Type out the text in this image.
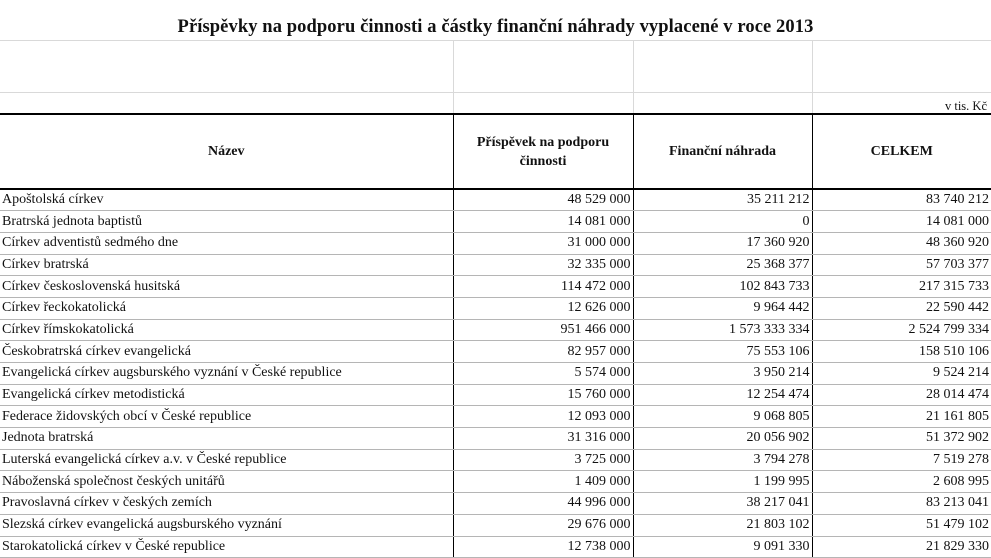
Příspěvky na podporu činnosti a částky finanční náhrady vyplacené v roce 2013
v tis. Kč
Název	Příspěvek na podporu činnosti	Finanční náhrada	CELKEM
Apoštolská církev	48 529 000	35 211 212	83 740 212
Bratrská jednota baptistů	14 081 000	0	14 081 000
Církev adventistů sedmého dne	31 000 000	17 360 920	48 360 920
Církev bratrská	32 335 000	25 368 377	57 703 377
Církev československá husitská	114 472 000	102 843 733	217 315 733
Církev řeckokatolická	12 626 000	9 964 442	22 590 442
Církev římskokatolická	951 466 000	1 573 333 334	2 524 799 334
Českobratrská církev evangelická	82 957 000	75 553 106	158 510 106
Evangelická církev augsburského vyznání v České republice	5 574 000	3 950 214	9 524 214
Evangelická církev metodistická	15 760 000	12 254 474	28 014 474
Federace židovských obcí v České republice	12 093 000	9 068 805	21 161 805
Jednota bratrská	31 316 000	20 056 902	51 372 902
Luterská evangelická církev a.v. v České republice	3 725 000	3 794 278	7 519 278
Náboženská společnost českých unitářů	1 409 000	1 199 995	2 608 995
Pravoslavná církev v českých zemích	44 996 000	38 217 041	83 213 041
Slezská církev evangelická augsburského vyznání	29 676 000	21 803 102	51 479 102
Starokatolická církev v České republice	12 738 000	9 091 330	21 829 330
